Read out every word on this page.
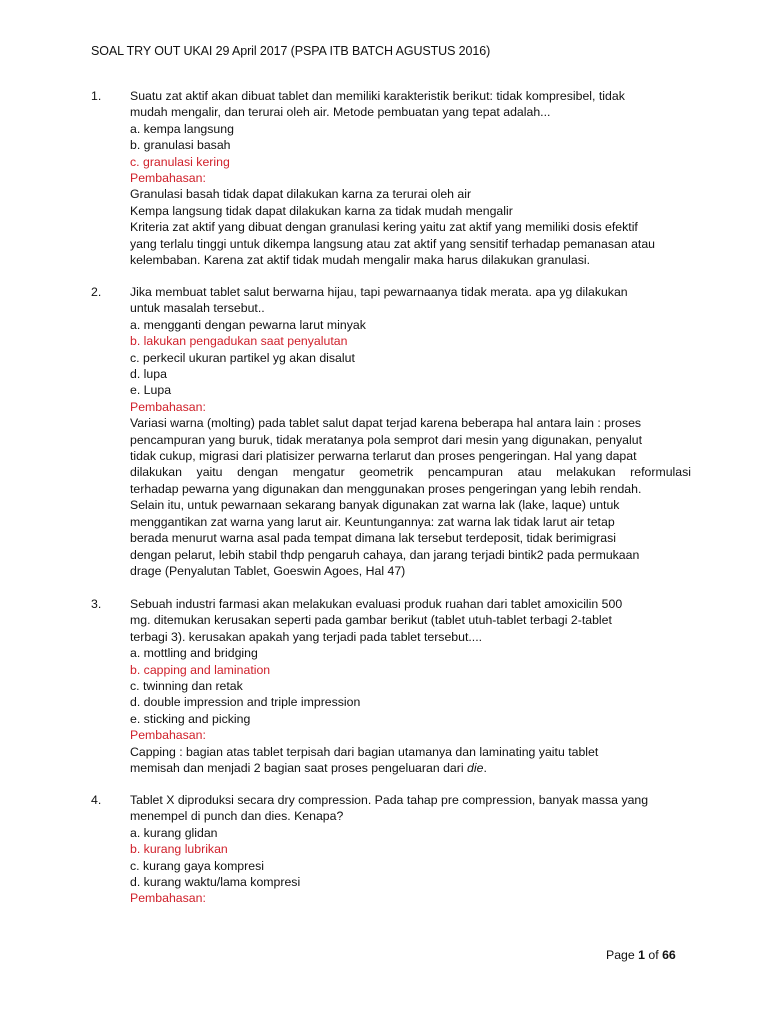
SOAL TRY OUT UKAI 29 April 2017 (PSPA ITB BATCH AGUSTUS 2016)
1.	Suatu zat aktif akan dibuat tablet dan memiliki karakteristik berikut: tidak kompresibel, tidak
mudah mengalir, dan terurai oleh air. Metode pembuatan yang tepat adalah...
a. kempa langsung
b. granulasi basah
c. granulasi kering
Pembahasan:
Granulasi basah tidak dapat dilakukan karna za terurai oleh air
Kempa langsung tidak dapat dilakukan karna za tidak mudah mengalir
Kriteria zat aktif yang dibuat dengan granulasi kering yaitu zat aktif yang memiliki dosis efektif
yang terlalu tinggi untuk dikempa langsung atau zat aktif yang sensitif terhadap pemanasan atau
kelembaban. Karena zat aktif tidak mudah mengalir maka harus dilakukan granulasi.
2.	Jika membuat tablet salut berwarna hijau, tapi pewarnaanya tidak merata. apa yg dilakukan
untuk masalah tersebut..
a. mengganti dengan pewarna larut minyak
b. lakukan pengadukan saat penyalutan
c. perkecil ukuran partikel yg akan disalut
d. lupa
e. Lupa
Pembahasan:
Variasi warna (molting) pada tablet salut dapat terjad karena beberapa hal antara lain : proses
pencampuran yang buruk, tidak meratanya pola semprot dari mesin yang digunakan, penyalut
tidak cukup, migrasi dari platisizer perwarna terlarut dan proses pengeringan. Hal yang dapat
dilakukan yaitu dengan mengatur geometrik pencampuran atau melakukan reformulasi
terhadap pewarna yang digunakan dan menggunakan proses pengeringan yang lebih rendah.
Selain itu, untuk pewarnaan sekarang banyak digunakan zat warna lak (lake, laque) untuk
menggantikan zat warna yang larut air. Keuntungannya: zat warna lak tidak larut air tetap
berada menurut warna asal pada tempat dimana lak tersebut terdeposit, tidak berimigrasi
dengan pelarut, lebih stabil thdp pengaruh cahaya, dan jarang terjadi bintik2 pada permukaan
drage (Penyalutan Tablet, Goeswin Agoes, Hal 47)
3.	Sebuah industri farmasi akan melakukan evaluasi produk ruahan dari tablet amoxicilin 500
mg. ditemukan kerusakan seperti pada gambar berikut (tablet utuh-tablet terbagi 2-tablet
terbagi 3). kerusakan apakah yang terjadi pada tablet tersebut....
a. mottling and bridging
b. capping and lamination
c. twinning dan retak
d. double impression and triple impression
e. sticking and picking
Pembahasan:
Capping : bagian atas tablet terpisah dari bagian utamanya dan laminating yaitu tablet
memisah dan menjadi 2 bagian saat proses pengeluaran dari die.
4.	Tablet X diproduksi secara dry compression. Pada tahap pre compression, banyak massa yang
menempel di punch dan dies. Kenapa?
a. kurang glidan
b. kurang lubrikan
c. kurang gaya kompresi
d. kurang waktu/lama kompresi
Pembahasan:
Page 1 of 66
